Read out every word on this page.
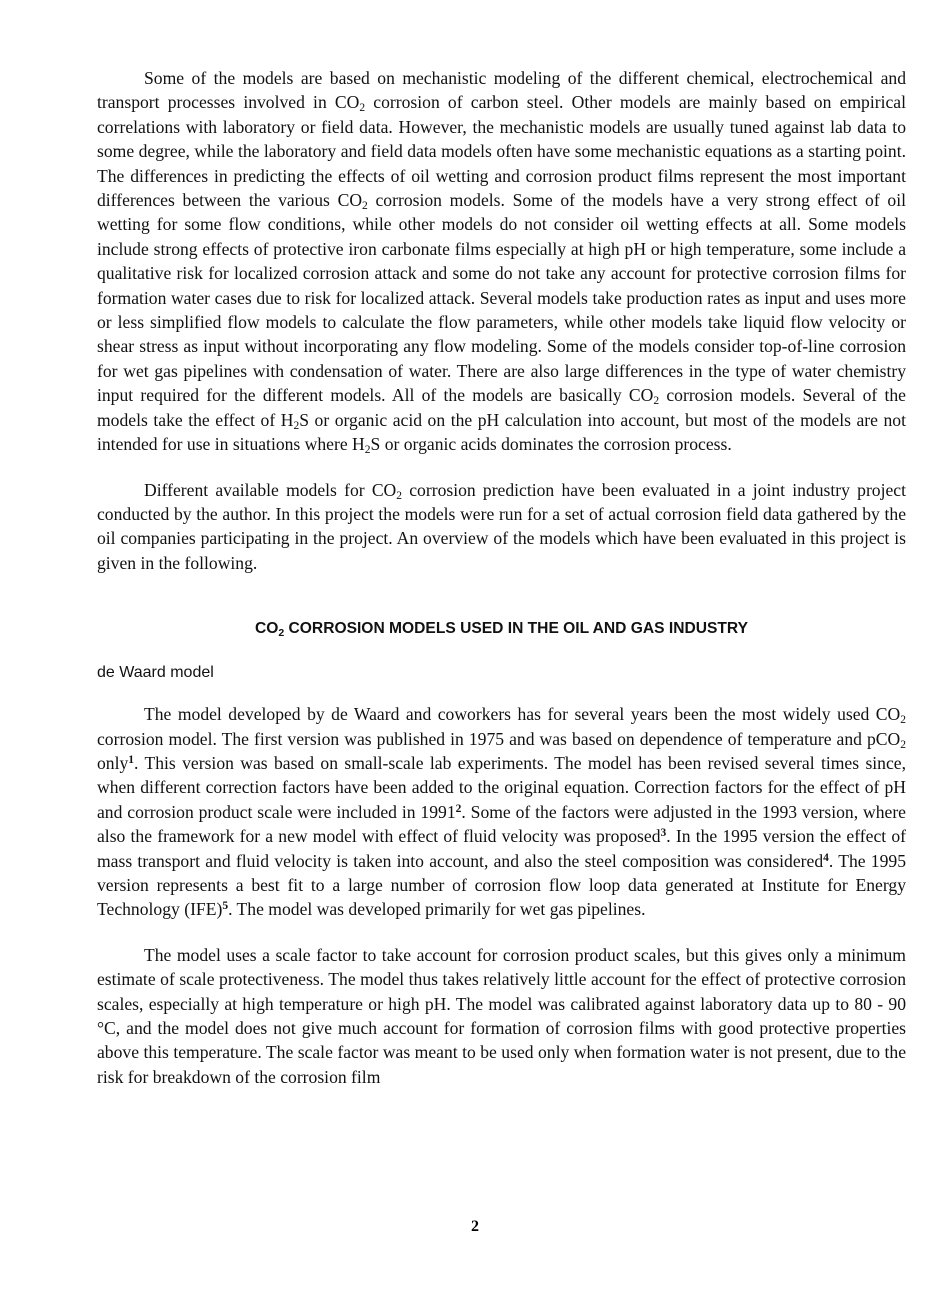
Some of the models are based on mechanistic modeling of the different chemical, electrochemical and transport processes involved in $CO_2$ corrosion of carbon steel. Other models are mainly based on empirical correlations with laboratory or field data. However, the mechanistic models are usually tuned against lab data to some degree, while the laboratory and field data models often have some mechanistic equations as a starting point. The differences in predicting the effects of oil wetting and corrosion product films represent the most important differences between the various $CO_2$ corrosion models. Some of the models have a very strong effect of oil wetting for some flow conditions, while other models do not consider oil wetting effects at all. Some models include strong effects of protective iron carbonate films especially at high pH or high temperature, some include a qualitative risk for localized corrosion attack and some do not take any account for protective corrosion films for formation water cases due to risk for localized attack. Several models take production rates as input and uses more or less simplified flow models to calculate the flow parameters, while other models take liquid flow velocity or shear stress as input without incorporating any flow modeling. Some of the models consider top-of-line corrosion for wet gas pipelines with condensation of water. There are also large differences in the type of water chemistry input required for the different models. All of the models are basically $CO_2$ corrosion models. Several of the models take the effect of $H_2S$ or organic acid on the pH calculation into account, but most of the models are not intended for use in situations where $H_2S$ or organic acids dominates the corrosion process.

Different available models for $CO_2$ corrosion prediction have been evaluated in a joint industry project conducted by the author. In this project the models were run for a set of actual corrosion field data gathered by the oil companies participating in the project. An overview of the models which have been evaluated in this project is given in the following.

$CO_2$ CORROSION MODELS USED IN THE OIL AND GAS INDUSTRY
de Waard model

The model developed by de Waard and coworkers has for several years been the most widely used $CO_2$ corrosion model. The first version was published in 1975 and was based on dependence of temperature and pCO$_2$ only$^1$. This version was based on small-scale lab experiments. The model has been revised several times since, when different correction factors have been added to the original equation. Correction factors for the effect of pH and corrosion product scale were included in 1991$^2$. Some of the factors were adjusted in the 1993 version, where also the framework for a new model with effect of fluid velocity was proposed$^3$. In the 1995 version the effect of mass transport and fluid velocity is taken into account, and also the steel composition was considered$^4$. The 1995 version represents a best fit to a large number of corrosion flow loop data generated at Institute for Energy Technology (IFE)$^5$. The model was developed primarily for wet gas pipelines.

The model uses a scale factor to take account for corrosion product scales, but this gives only a minimum estimate of scale protectiveness. The model thus takes relatively little account for the effect of protective corrosion scales, especially at high temperature or high pH. The model was calibrated against laboratory data up to 80 - 90 °C, and the model does not give much account for formation of corrosion films with good protective properties above this temperature. The scale factor was meant to be used only when formation water is not present, due to the risk for breakdown of the corrosion film

2
